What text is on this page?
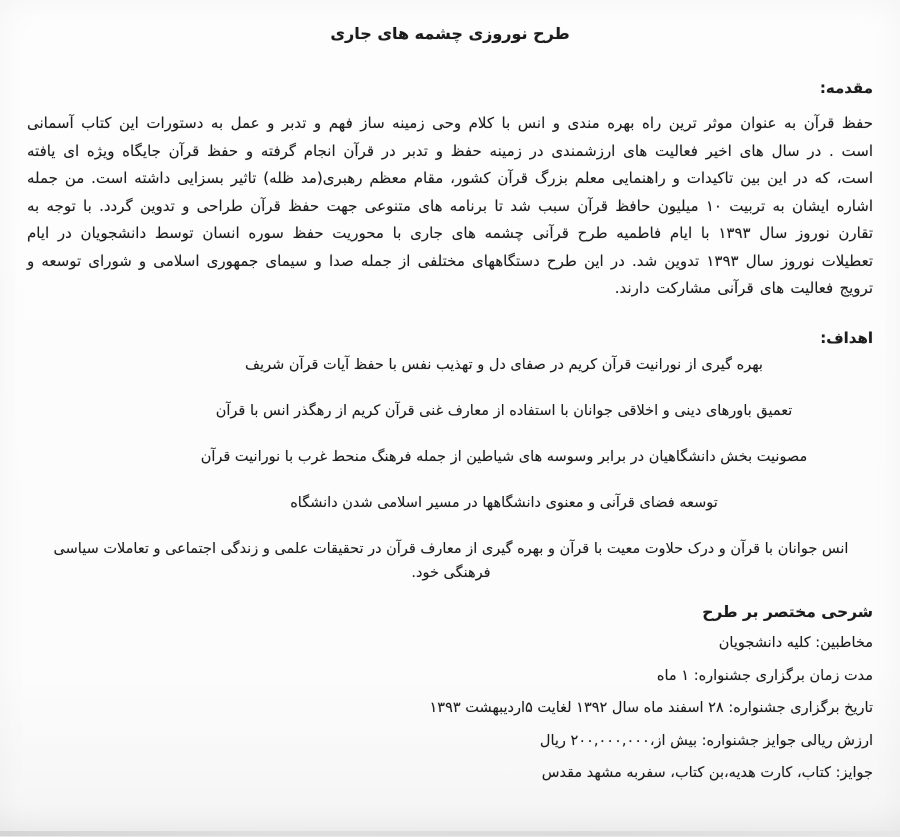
طرح نوروزی چشمه های جاری
مقدمه:

حفظ قرآن به عنوان موثر ترين راه بهره مندی و انس با كلام وحی زمينه ساز فهم و تدبر و عمل به دستورات اين كتاب آسمانی است . در سال های اخير فعاليت های ارزشمندی در زمينه حفظ و تدبر در قرآن انجام گرفته و حفظ قرآن جايگاه ويژه ای يافته است، كه در اين بين تاكيدات و راهنمايی معلم بزرگ قرآن كشور، مقام معظم رهبری(مد ظله) تاثير بسزايی داشته است. من جمله اشاره ايشان به تربيت ۱۰ ميليون حافظ قرآن سبب شد تا برنامه های متنوعی جهت حفظ قرآن طراحی و تدوين گردد. با توجه به تقارن نوروز سال ۱۳۹۳ با ايام فاطميه طرح قرآنی چشمه های جاری با محوريت حفظ سوره انسان توسط دانشجويان در ايام تعطيلات نوروز سال ۱۳۹۳ تدوين شد. در اين طرح دستگاههای مختلفی از جمله صدا و سيمای جمهوری اسلامی و شورای توسعه و ترويج فعاليت های قرآنی مشاركت دارند.

اهداف:

بهره گيری از نورانيت قرآن كريم در صفای دل و تهذيب نفس با حفظ آيات قرآن شريف

تعميق باورهای دينی و اخلاقی جوانان با استفاده از معارف غنی قرآن كريم از رهگذر انس با قرآن

مصونيت بخش دانشگاهيان در برابر وسوسه های شياطين از جمله فرهنگ منحط غرب با نورانيت قرآن

توسعه فضای قرآنی و معنوی دانشگاهها در مسير اسلامی شدن دانشگاه

انس جوانان با قرآن و درک حلاوت معيت با قرآن و بهره گيری از معارف قرآن در تحقيقات علمی و زندگی اجتماعی و تعاملات سياسی فرهنگی خود.

شرحی مختصر بر طرح

مخاطبين: كليه دانشجويان

مدت زمان برگزاری جشنواره: ۱ ماه

تاريخ برگزاری جشنواره: ۲۸ اسفند ماه سال ۱۳۹۲ لغايت ۵اردیبهشت ۱۳۹۳

ارزش ريالی جوايز جشنواره: بيش از،۲۰۰,۰۰۰,۰۰۰ ريال

جوايز: كتاب، كارت هديه،بن كتاب، سفربه مشهد مقدس
